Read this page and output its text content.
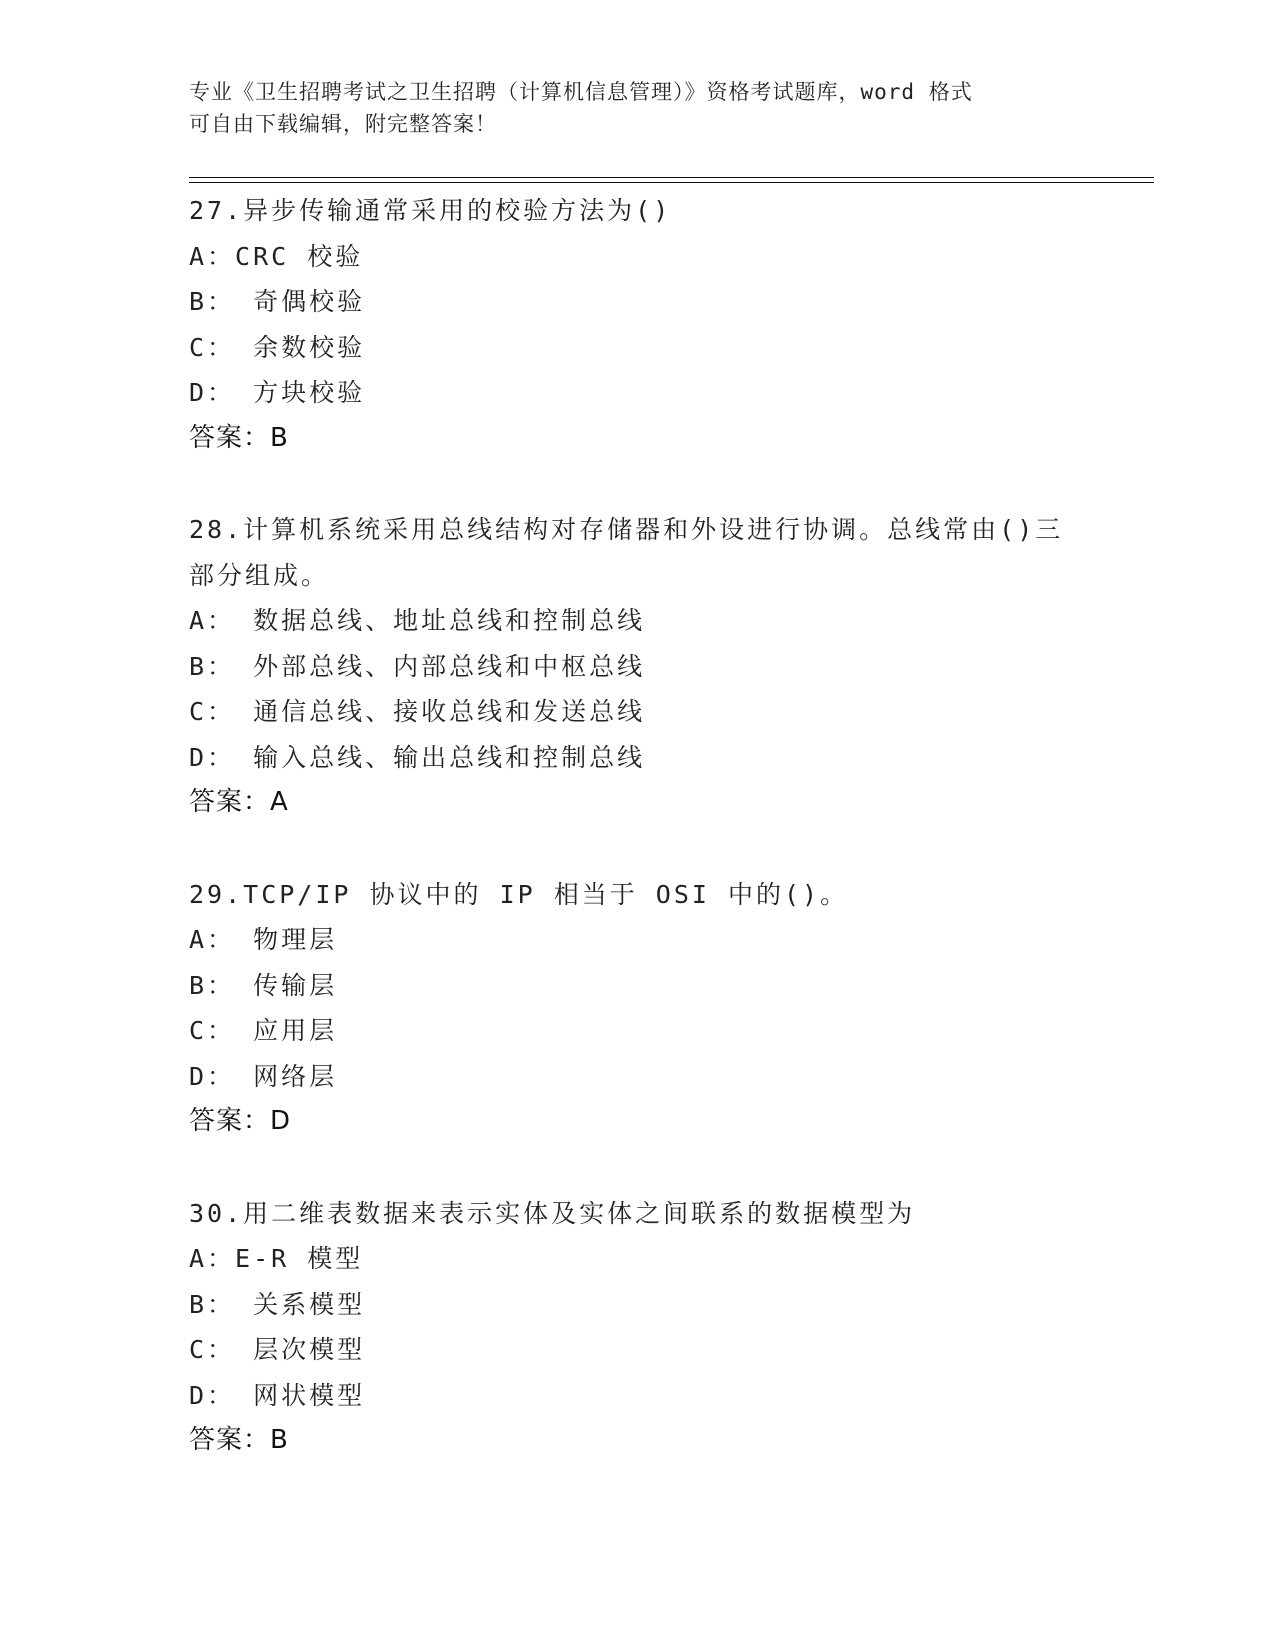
专业《卫生招聘考试之卫生招聘（计算机信息管理）》资格考试题库，word 格式
可自由下载编辑，附完整答案！
27.异步传输通常采用的校验方法为()
A：CRC 校验
B： 奇偶校验
C： 余数校验
D： 方块校验
答案：B
28.计算机系统采用总线结构对存储器和外设进行协调。总线常由()三
部分组成。
A： 数据总线、地址总线和控制总线
B： 外部总线、内部总线和中枢总线
C： 通信总线、接收总线和发送总线
D： 输入总线、输出总线和控制总线
答案：A
29.TCP/IP 协议中的 IP 相当于 OSI 中的()。
A： 物理层
B： 传输层
C： 应用层
D： 网络层
答案：D
30.用二维表数据来表示实体及实体之间联系的数据模型为
A：E-R 模型
B： 关系模型
C： 层次模型
D： 网状模型
答案：B
